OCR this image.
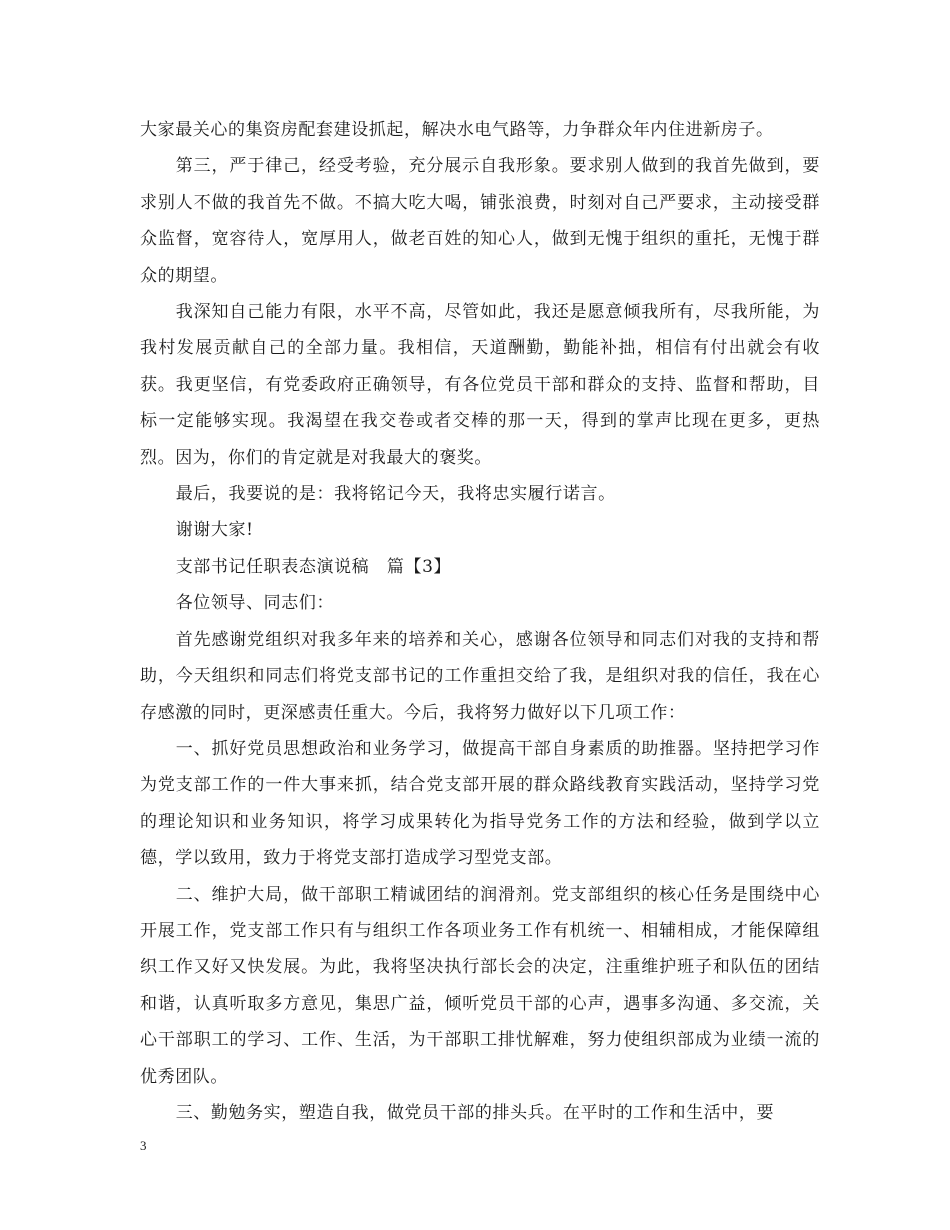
大家最关心的集资房配套建设抓起，解决水电气路等，力争群众年内住进新房子。

第三，严于律己，经受考验，充分展示自我形象。要求别人做到的我首先做到，要求别人不做的我首先不做。不搞大吃大喝，铺张浪费，时刻对自己严要求，主动接受群众监督，宽容待人，宽厚用人，做老百姓的知心人，做到无愧于组织的重托，无愧于群众的期望。

我深知自己能力有限，水平不高，尽管如此，我还是愿意倾我所有，尽我所能，为我村发展贡献自己的全部力量。我相信，天道酬勤，勤能补拙，相信有付出就会有收获。我更坚信，有党委政府正确领导，有各位党员干部和群众的支持、监督和帮助，目标一定能够实现。我渴望在我交卷或者交棒的那一天，得到的掌声比现在更多，更热烈。因为，你们的肯定就是对我最大的褒奖。

最后，我要说的是：我将铭记今天，我将忠实履行诺言。

谢谢大家!

支部书记任职表态演说稿　篇【3】

各位领导、同志们：

首先感谢党组织对我多年来的培养和关心，感谢各位领导和同志们对我的支持和帮助，今天组织和同志们将党支部书记的工作重担交给了我，是组织对我的信任，我在心存感激的同时，更深感责任重大。今后，我将努力做好以下几项工作：

一、抓好党员思想政治和业务学习，做提高干部自身素质的助推器。坚持把学习作为党支部工作的一件大事来抓，结合党支部开展的群众路线教育实践活动，坚持学习党的理论知识和业务知识，将学习成果转化为指导党务工作的方法和经验，做到学以立德，学以致用，致力于将党支部打造成学习型党支部。

二、维护大局，做干部职工精诚团结的润滑剂。党支部组织的核心任务是围绕中心开展工作，党支部工作只有与组织工作各项业务工作有机统一、相辅相成，才能保障组织工作又好又快发展。为此，我将坚决执行部长会的决定，注重维护班子和队伍的团结和谐，认真听取多方意见，集思广益，倾听党员干部的心声，遇事多沟通、多交流，关心干部职工的学习、工作、生活，为干部职工排忧解难，努力使组织部成为业绩一流的优秀团队。

三、勤勉务实，塑造自我，做党员干部的排头兵。在平时的工作和生活中，要

3
